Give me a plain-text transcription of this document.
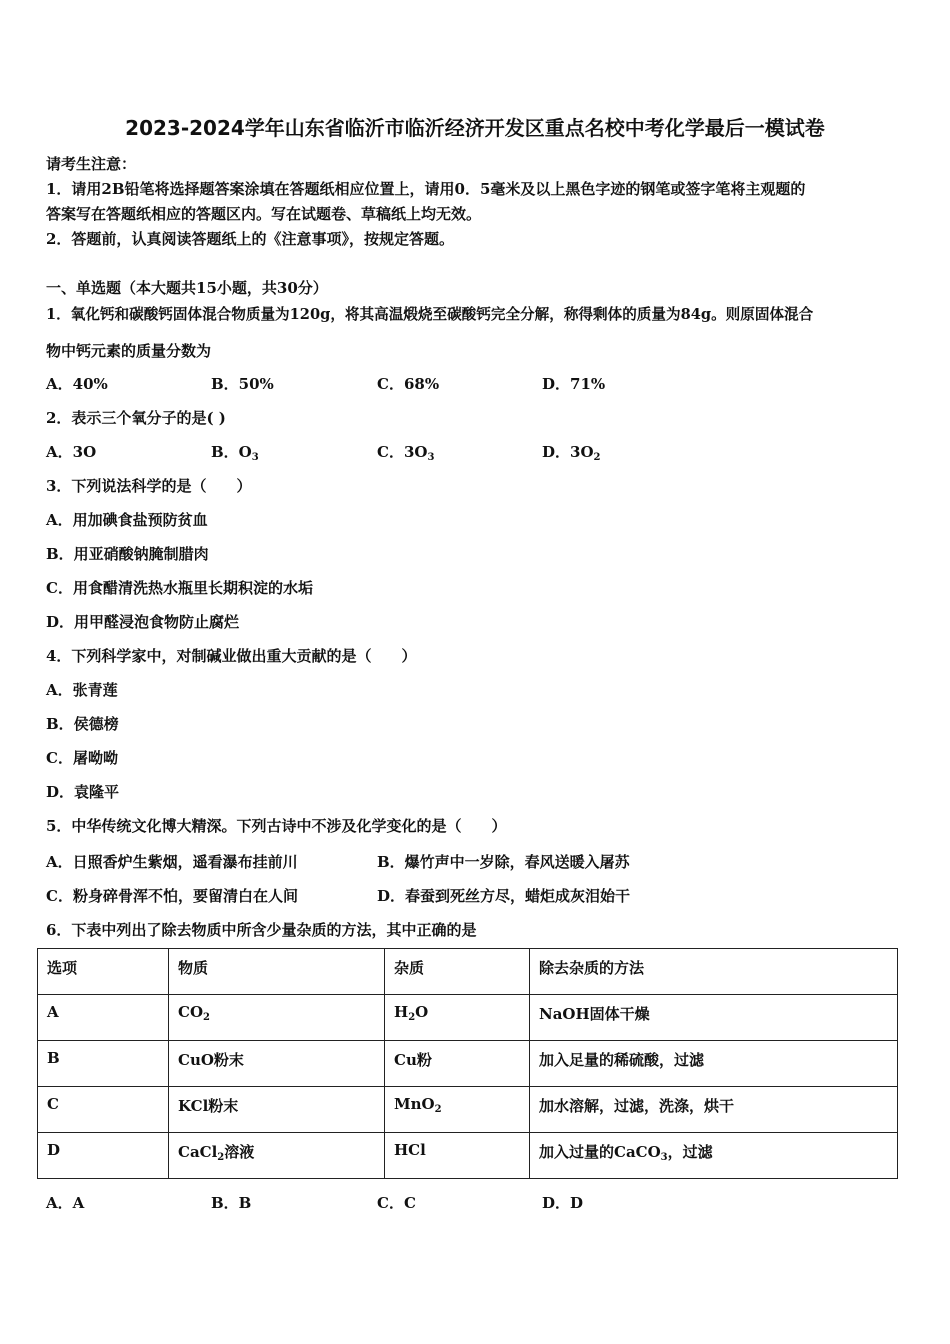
2023-2024学年山东省临沂市临沂经济开发区重点名校中考化学最后一模试卷
请考生注意：
1．请用2B铅笔将选择题答案涂填在答题纸相应位置上，请用0．5毫米及以上黑色字迹的钢笔或签字笔将主观题的
答案写在答题纸相应的答题区内。写在试题卷、草稿纸上均无效。
2．答题前，认真阅读答题纸上的《注意事项》，按规定答题。
一、单选题（本大题共15小题，共30分）
1．氧化钙和碳酸钙固体混合物质量为120g，将其高温煅烧至碳酸钙完全分解，称得剩体的质量为84g。则原固体混合
物中钙元素的质量分数为
A．40%	B．50%	C．68%	D．71%
2．表示三个氧分子的是( )
A．3O	B．$O_3$	C．$3O_3$	D．$3O_2$
3．下列说法科学的是（　　）
A．用加碘食盐预防贫血
B．用亚硝酸钠腌制腊肉
C．用食醋清洗热水瓶里长期积淀的水垢
D．用甲醛浸泡食物防止腐烂
4．下列科学家中，对制碱业做出重大贡献的是（　　）
A．张青莲
B．侯德榜
C．屠呦呦
D．袁隆平
5．中华传统文化博大精深。下列古诗中不涉及化学变化的是（　　）
A．日照香炉生紫烟，遥看瀑布挂前川	B．爆竹声中一岁除，春风送暖入屠苏
C．粉身碎骨浑不怕，要留清白在人间	D．春蚕到死丝方尽，蜡炬成灰泪始干
6．下表中列出了除去物质中所含少量杂质的方法，其中正确的是
选项	物质	杂质	除去杂质的方法
A	$CO_2$	$H_2O$	NaOH固体干燥
B	CuO粉末	Cu粉	加入足量的稀硫酸，过滤
C	KCl粉末	MnO$_2$	加水溶解，过滤，洗涤，烘干
D	CaCl$_2$溶液	HCl	加入过量的CaCO$_3$，过滤
A．A	B．B	C．C	D．D
